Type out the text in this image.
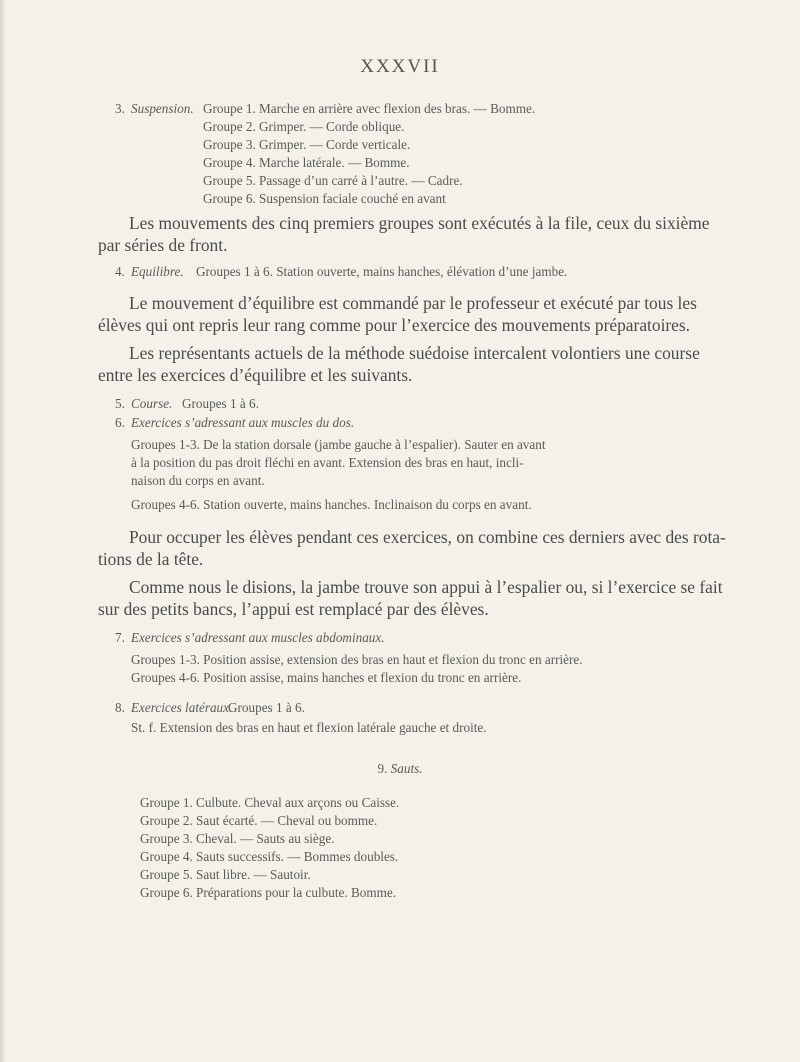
XXXVII
3. Suspension. Groupe 1. Marche en arrière avec flexion des bras. — Bomme.
Groupe 2. Grimper. — Corde oblique.
Groupe 3. Grimper. — Corde verticale.
Groupe 4. Marche latérale. — Bomme.
Groupe 5. Passage d’un carré à l’autre. — Cadre.
Groupe 6. Suspension faciale couché en avant
Les mouvements des cinq premiers groupes sont exécutés à la file, ceux du sixième
par séries de front.
4. Equilibre. Groupes 1 à 6. Station ouverte, mains hanches, élévation d’une jambe.
Le mouvement d’équilibre est commandé par le professeur et exécuté par tous les
élèves qui ont repris leur rang comme pour l’exercice des mouvements préparatoires.
Les représentants actuels de la méthode suédoise intercalent volontiers une course
entre les exercices d’équilibre et les suivants.
5. Course. Groupes 1 à 6.
6. Exercices s’adressant aux muscles du dos.
Groupes 1-3. De la station dorsale (jambe gauche à l’espalier). Sauter en avant
à la position du pas droit fléchi en avant. Extension des bras en haut, incli-
naison du corps en avant.
Groupes 4-6. Station ouverte, mains hanches. Inclinaison du corps en avant.
Pour occuper les élèves pendant ces exercices, on combine ces derniers avec des rota-
tions de la tête.
Comme nous le disions, la jambe trouve son appui à l’espalier ou, si l’exercice se fait
sur des petits bancs, l’appui est remplacé par des élèves.
7. Exercices s’adressant aux muscles abdominaux.
Groupes 1-3. Position assise, extension des bras en haut et flexion du tronc en arrière.
Groupes 4-6. Position assise, mains hanches et flexion du tronc en arrière.
8. Exercices latéraux.
Groupes 1 à 6.
St. f. Extension des bras en haut et flexion latérale gauche et droite.
9. Sauts.
Groupe 1. Culbute. Cheval aux arçons ou Caisse.
Groupe 2. Saut écarté. — Cheval ou bomme.
Groupe 3. Cheval. — Sauts au siège.
Groupe 4. Sauts successifs. — Bommes doubles.
Groupe 5. Saut libre. — Sautoir.
Groupe 6. Préparations pour la culbute. Bomme.
